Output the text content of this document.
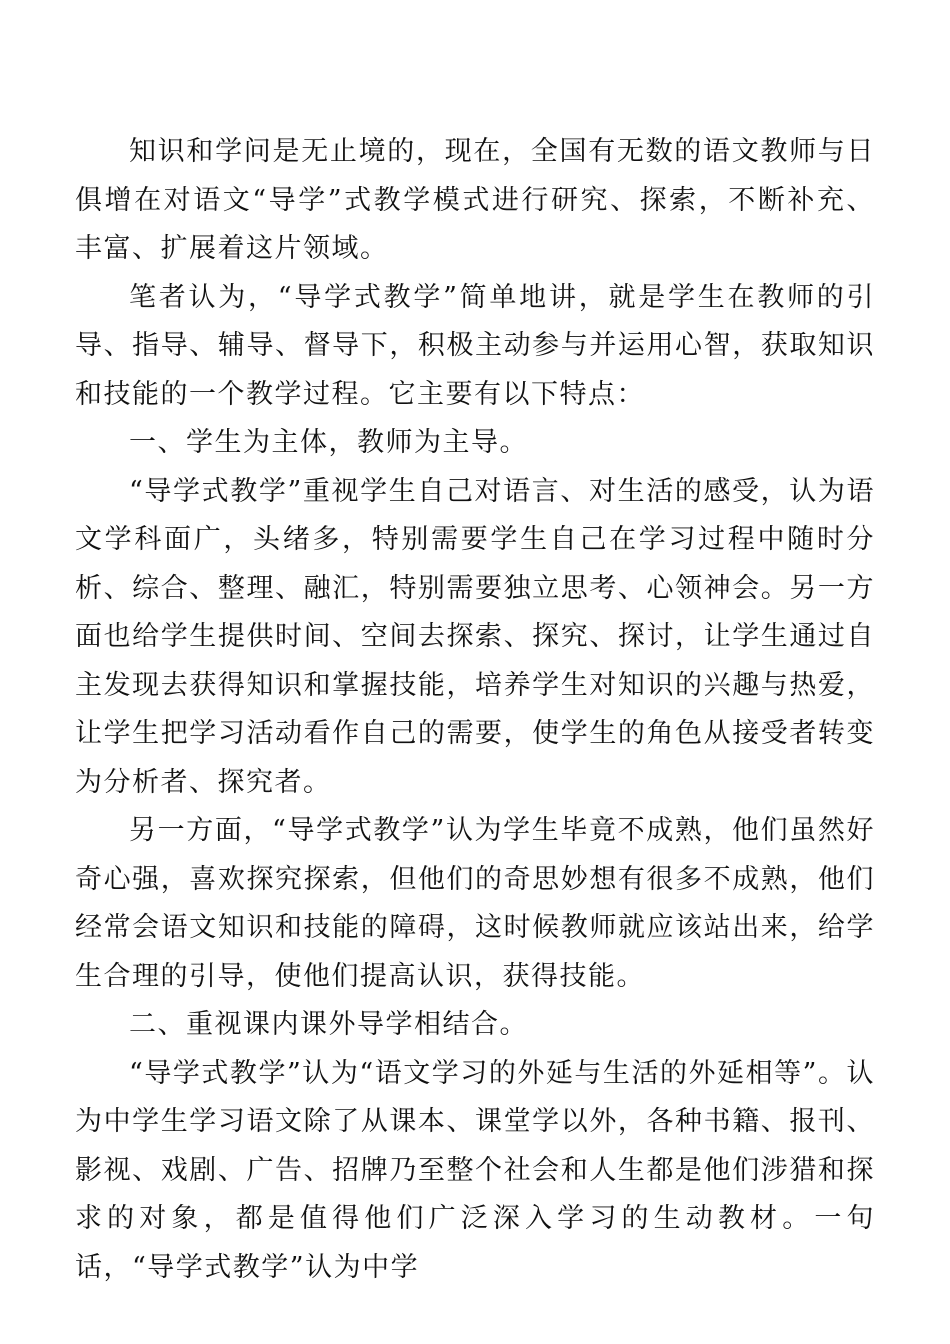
知识和学问是无止境的，现在，全国有无数的语文教师与日俱增在对语文“导学”式教学模式进行研究、探索，不断补充、丰富、扩展着这片领域。

笔者认为，“导学式教学”简单地讲，就是学生在教师的引导、指导、辅导、督导下，积极主动参与并运用心智，获取知识和技能的一个教学过程。它主要有以下特点：

一、学生为主体，教师为主导。

“导学式教学”重视学生自己对语言、对生活的感受，认为语文学科面广，头绪多，特别需要学生自己在学习过程中随时分析、综合、整理、融汇，特别需要独立思考、心领神会。另一方面也给学生提供时间、空间去探索、探究、探讨，让学生通过自主发现去获得知识和掌握技能，培养学生对知识的兴趣与热爱，让学生把学习活动看作自己的需要，使学生的角色从接受者转变为分析者、探究者。

另一方面，“导学式教学”认为学生毕竟不成熟，他们虽然好奇心强，喜欢探究探索，但他们的奇思妙想有很多不成熟，他们经常会语文知识和技能的障碍，这时候教师就应该站出来，给学生合理的引导，使他们提高认识，获得技能。

二、重视课内课外导学相结合。

“导学式教学”认为“语文学习的外延与生活的外延相等”。认为中学生学习语文除了从课本、课堂学以外，各种书籍、报刊、影视、戏剧、广告、招牌乃至整个社会和人生都是他们涉猎和探求的对象，都是值得他们广泛深入学习的生动教材。一句话，“导学式教学”认为中学
